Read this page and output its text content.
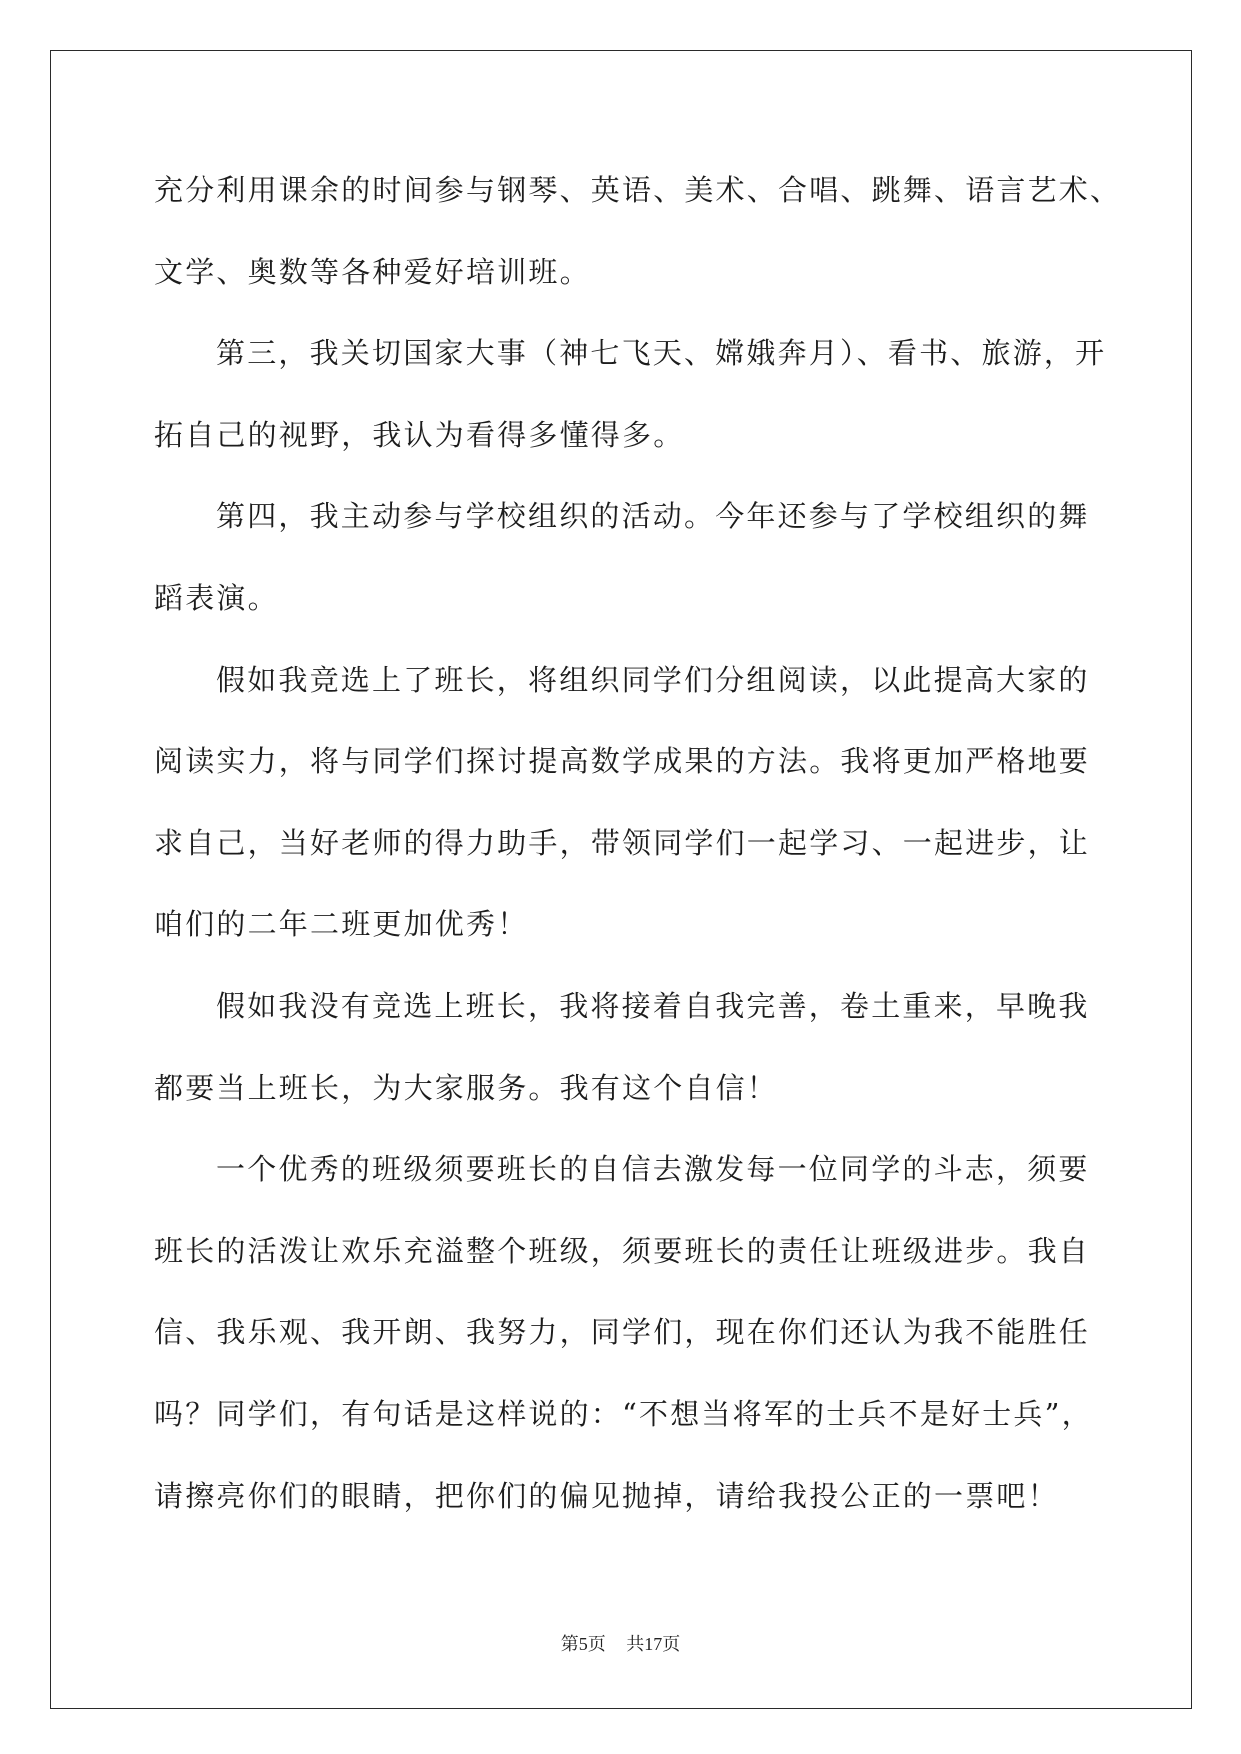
充分利用课余的时间参与钢琴、英语、美术、合唱、跳舞、语言艺术、
文学、奥数等各种爱好培训班。
第三，我关切国家大事（神七飞天、嫦娥奔月）、看书、旅游，开
拓自己的视野，我认为看得多懂得多。
第四，我主动参与学校组织的活动。今年还参与了学校组织的舞
蹈表演。
假如我竞选上了班长，将组织同学们分组阅读，以此提高大家的
阅读实力，将与同学们探讨提高数学成果的方法。我将更加严格地要
求自己，当好老师的得力助手，带领同学们一起学习、一起进步，让
咱们的二年二班更加优秀！
假如我没有竞选上班长，我将接着自我完善，卷土重来，早晚我
都要当上班长，为大家服务。我有这个自信！
一个优秀的班级须要班长的自信去激发每一位同学的斗志，须要
班长的活泼让欢乐充溢整个班级，须要班长的责任让班级进步。我自
信、我乐观、我开朗、我努力，同学们，现在你们还认为我不能胜任
吗？同学们，有句话是这样说的：“不想当将军的士兵不是好士兵”，
请擦亮你们的眼睛，把你们的偏见抛掉，请给我投公正的一票吧！
第5页 共17页
